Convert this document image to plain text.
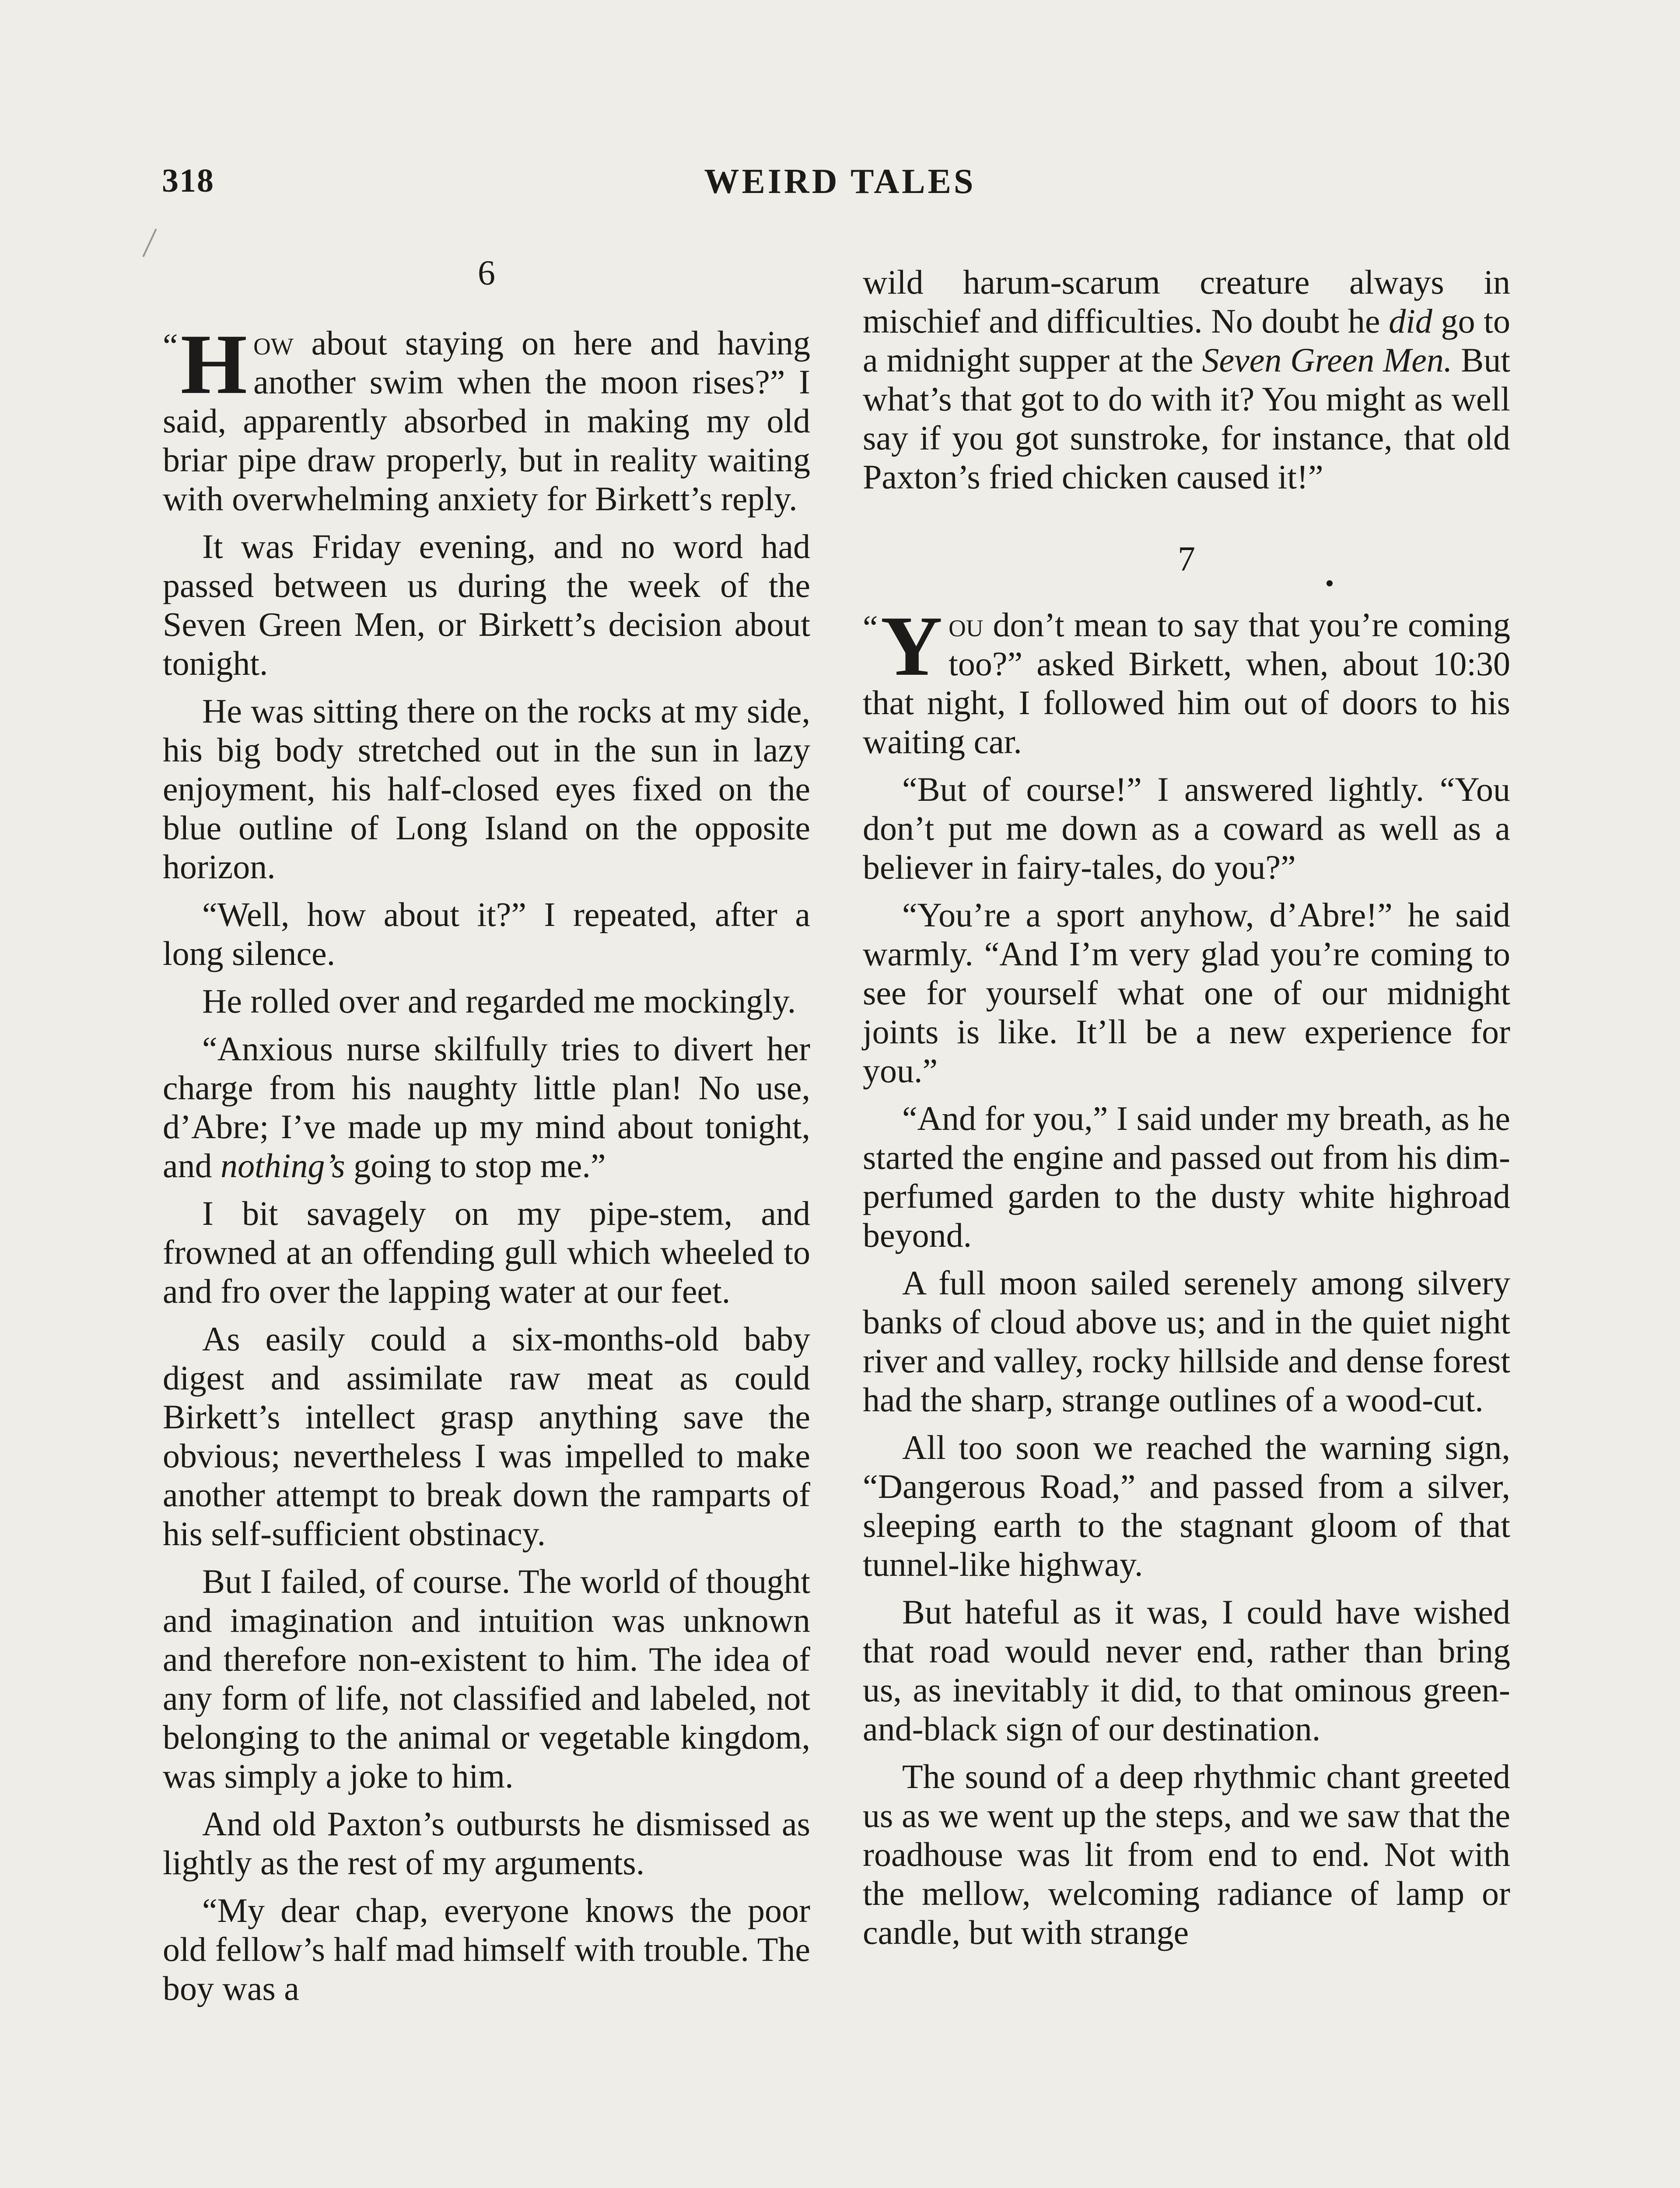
318	WEIRD TALES
6

“ H ow about staying on here and having another swim when the moon rises?” I said, apparently absorbed in making my old briar pipe draw properly, but in reality waiting with overwhelming anxiety for Birkett’s reply.

It was Friday evening, and no word had passed between us during the week of the Seven Green Men, or Birkett’s decision about tonight.

He was sitting there on the rocks at my side, his big body stretched out in the sun in lazy enjoyment, his half-closed eyes fixed on the blue outline of Long Island on the opposite horizon.

“Well, how about it?” I repeated, after a long silence.

He rolled over and regarded me mockingly.

“Anxious nurse skilfully tries to divert her charge from his naughty little plan! No use, d’Abre; I’ve made up my mind about tonight, and nothing’s going to stop me.”

I bit savagely on my pipe-stem, and frowned at an offending gull which wheeled to and fro over the lapping water at our feet.

As easily could a six-months-old baby digest and assimilate raw meat as could Birkett’s intellect grasp anything save the obvious; nevertheless I was impelled to make another attempt to break down the ramparts of his self-sufficient obstinacy.

But I failed, of course. The world of thought and imagination and intuition was unknown and therefore non-existent to him. The idea of any form of life, not classified and labeled, not belonging to the animal or vegetable kingdom, was simply a joke to him.

And old Paxton’s outbursts he dismissed as lightly as the rest of my arguments.

“My dear chap, everyone knows the poor old fellow’s half mad himself with trouble. The boy was a

wild harum-scarum creature always in mischief and difficulties. No doubt he did go to a midnight supper at the Seven Green Men. But what’s that got to do with it? You might as well say if you got sunstroke, for instance, that old Paxton’s fried chicken caused it!”

7

“ Y ou don’t mean to say that you’re coming too?” asked Birkett, when, about 10:30 that night, I followed him out of doors to his waiting car.

“But of course!” I answered lightly. “You don’t put me down as a coward as well as a believer in fairy-tales, do you?”

“You’re a sport anyhow, d’Abre!” he said warmly. “And I’m very glad you’re coming to see for yourself what one of our midnight joints is like. It’ll be a new experience for you.”

“And for you,” I said under my breath, as he started the engine and passed out from his dim-perfumed garden to the dusty white highroad beyond.

A full moon sailed serenely among silvery banks of cloud above us; and in the quiet night river and valley, rocky hillside and dense forest had the sharp, strange outlines of a wood-cut.

All too soon we reached the warning sign, “Dangerous Road,” and passed from a silver, sleeping earth to the stagnant gloom of that tunnel-like highway.

But hateful as it was, I could have wished that road would never end, rather than bring us, as inevitably it did, to that ominous green-and-black sign of our destination.

The sound of a deep rhythmic chant greeted us as we went up the steps, and we saw that the roadhouse was lit from end to end. Not with the mellow, welcoming radiance of lamp or candle, but with strange
